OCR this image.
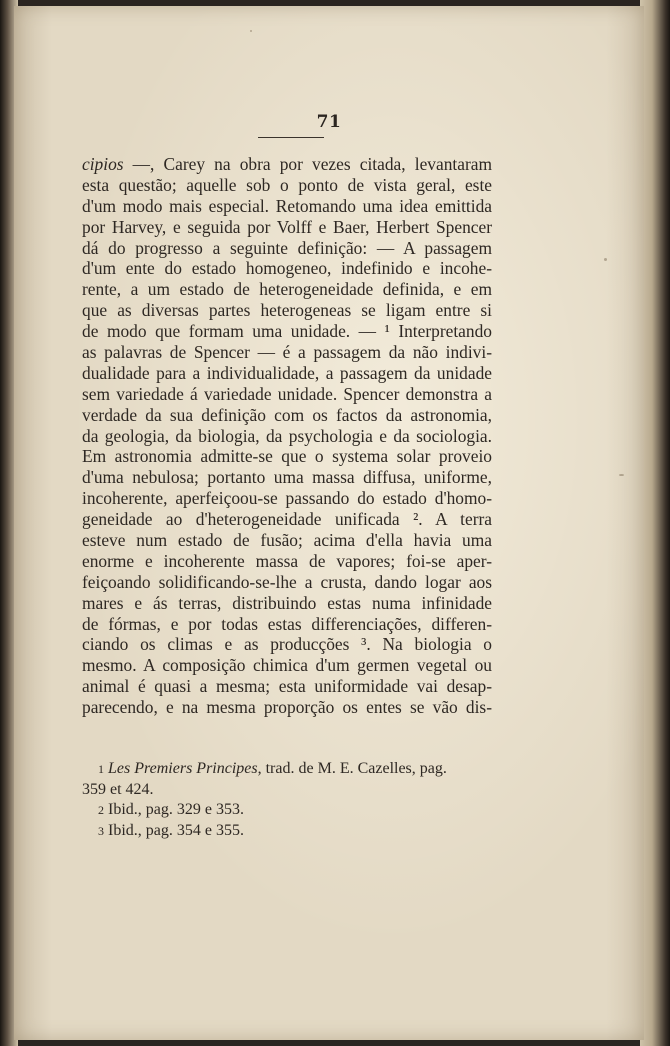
71
cipios —, Carey na obra por vezes citada, levantaram
esta questão; aquelle sob o ponto de vista geral, este
d'um modo mais especial. Retomando uma idea emittida
por Harvey, e seguida por Volff e Baer, Herbert Spencer
dá do progresso a seguinte definição: — A passagem
d'um ente do estado homogeneo, indefinido e incohe-
rente, a um estado de heterogeneidade definida, e em
que as diversas partes heterogeneas se ligam entre si
de modo que formam uma unidade. — ¹ Interpretando
as palavras de Spencer — é a passagem da não indivi-
dualidade para a individualidade, a passagem da unidade
sem variedade á variedade unidade. Spencer demonstra a
verdade da sua definição com os factos da astronomia,
da geologia, da biologia, da psychologia e da sociologia.
Em astronomia admitte-se que o systema solar proveio
d'uma nebulosa; portanto uma massa diffusa, uniforme,
incoherente, aperfeiçoou-se passando do estado d'homo-
geneidade ao d'heterogeneidade unificada ². A terra
esteve num estado de fusão; acima d'ella havia uma
enorme e incoherente massa de vapores; foi-se aper-
feiçoando solidificando-se-lhe a crusta, dando logar aos
mares e ás terras, distribuindo estas numa infinidade
de fórmas, e por todas estas differenciações, differen-
ciando os climas e as producções ³. Na biologia o
mesmo. A composição chimica d'um germen vegetal ou
animal é quasi a mesma; esta uniformidade vai desap-
parecendo, e na mesma proporção os entes se vão dis-
1 Les Premiers Principes, trad. de M. E. Cazelles, pag.
359 et 424.
2 Ibid., pag. 329 e 353.
3 Ibid., pag. 354 e 355.
